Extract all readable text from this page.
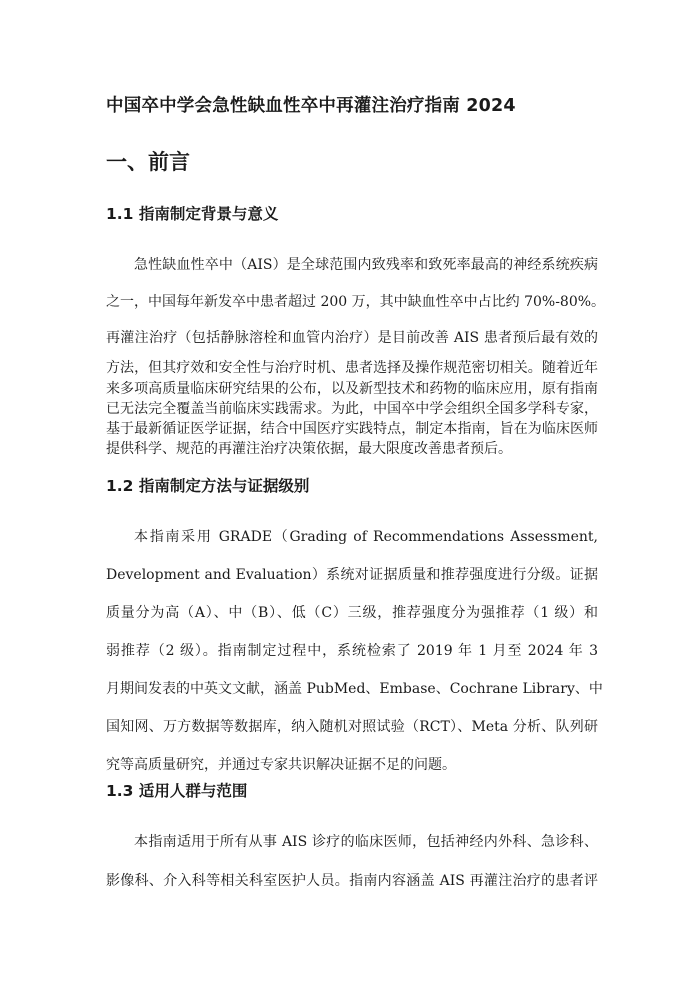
中国卒中学会急性缺血性卒中再灌注治疗指南 2024
一、前言
1.1 指南制定背景与意义

急性缺血性卒中（AIS）是全球范围内致残率和致死率最高的神经系统疾病

之一，中国每年新发卒中患者超过 200 万，其中缺血性卒中占比约 70%-80%。

再灌注治疗（包括静脉溶栓和血管内治疗）是目前改善 AIS 患者预后最有效的

方法，但其疗效和安全性与治疗时机、患者选择及操作规范密切相关。随着近年

来多项高质量临床研究结果的公布，以及新型技术和药物的临床应用，原有指南

已无法完全覆盖当前临床实践需求。为此，中国卒中学会组织全国多学科专家，

基于最新循证医学证据，结合中国医疗实践特点，制定本指南，旨在为临床医师

提供科学、规范的再灌注治疗决策依据，最大限度改善患者预后。

1.2 指南制定方法与证据级别

本指南采用 GRADE（Grading of Recommendations Assessment,

Development and Evaluation）系统对证据质量和推荐强度进行分级。证据

质量分为高（A）、中（B）、低（C）三级，推荐强度分为强推荐（1 级）和

弱推荐（2 级）。指南制定过程中，系统检索了 2019 年 1 月至 2024 年 3

月期间发表的中英文文献，涵盖 PubMed、Embase、Cochrane Library、中

国知网、万方数据等数据库，纳入随机对照试验（RCT）、Meta 分析、队列研

究等高质量研究，并通过专家共识解决证据不足的问题。

1.3 适用人群与范围

本指南适用于所有从事 AIS 诊疗的临床医师，包括神经内外科、急诊科、

影像科、介入科等相关科室医护人员。指南内容涵盖 AIS 再灌注治疗的患者评
